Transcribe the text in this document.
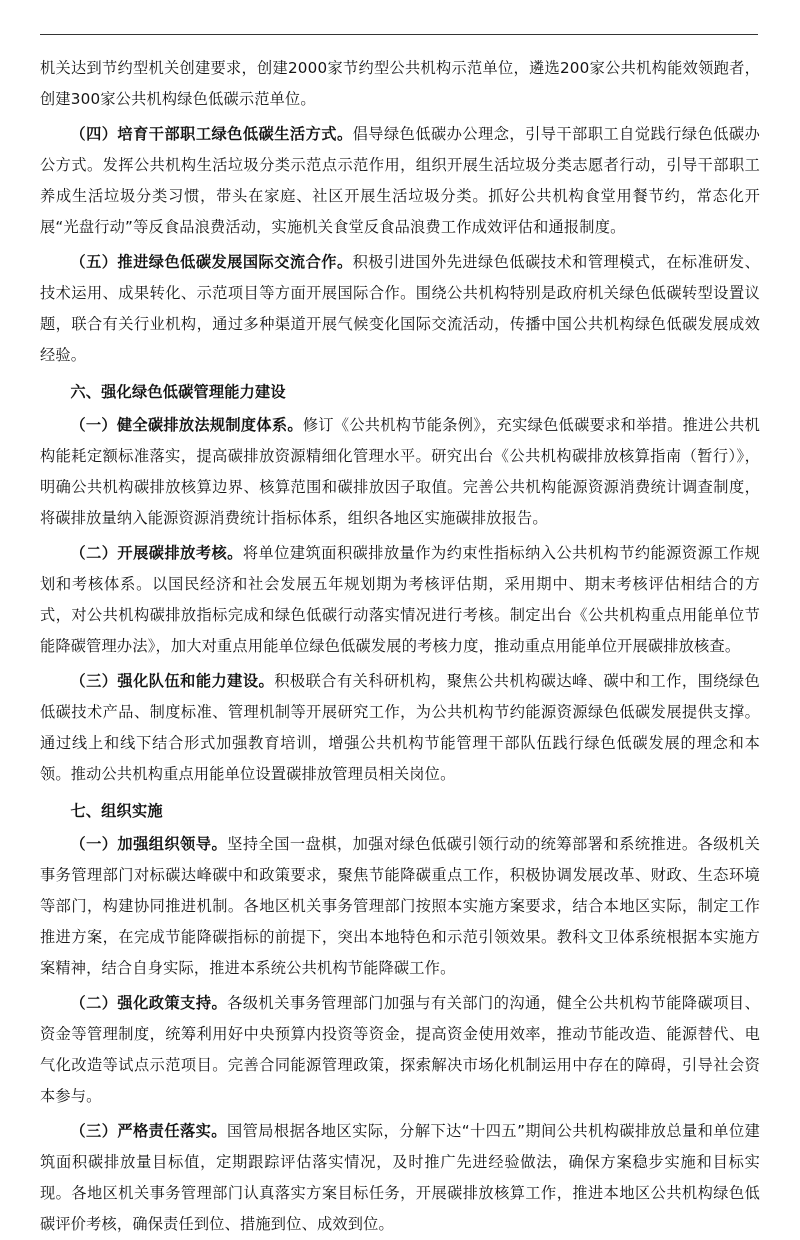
机关达到节约型机关创建要求，创建2000家节约型公共机构示范单位，遴选200家公共机构能效领跑者，创建300家公共机构绿色低碳示范单位。

（四）培育干部职工绿色低碳生活方式。倡导绿色低碳办公理念，引导干部职工自觉践行绿色低碳办公方式。发挥公共机构生活垃圾分类示范点示范作用，组织开展生活垃圾分类志愿者行动，引导干部职工养成生活垃圾分类习惯，带头在家庭、社区开展生活垃圾分类。抓好公共机构食堂用餐节约，常态化开展“光盘行动”等反食品浪费活动，实施机关食堂反食品浪费工作成效评估和通报制度。

（五）推进绿色低碳发展国际交流合作。积极引进国外先进绿色低碳技术和管理模式，在标准研发、技术运用、成果转化、示范项目等方面开展国际合作。围绕公共机构特别是政府机关绿色低碳转型设置议题，联合有关行业机构，通过多种渠道开展气候变化国际交流活动，传播中国公共机构绿色低碳发展成效经验。

六、强化绿色低碳管理能力建设

（一）健全碳排放法规制度体系。修订《公共机构节能条例》，充实绿色低碳要求和举措。推进公共机构能耗定额标准落实，提高碳排放资源精细化管理水平。研究出台《公共机构碳排放核算指南（暂行）》，明确公共机构碳排放核算边界、核算范围和碳排放因子取值。完善公共机构能源资源消费统计调查制度，将碳排放量纳入能源资源消费统计指标体系，组织各地区实施碳排放报告。

（二）开展碳排放考核。将单位建筑面积碳排放量作为约束性指标纳入公共机构节约能源资源工作规划和考核体系。以国民经济和社会发展五年规划期为考核评估期，采用期中、期末考核评估相结合的方式，对公共机构碳排放指标完成和绿色低碳行动落实情况进行考核。制定出台《公共机构重点用能单位节能降碳管理办法》，加大对重点用能单位绿色低碳发展的考核力度，推动重点用能单位开展碳排放核查。

（三）强化队伍和能力建设。积极联合有关科研机构，聚焦公共机构碳达峰、碳中和工作，围绕绿色低碳技术产品、制度标准、管理机制等开展研究工作，为公共机构节约能源资源绿色低碳发展提供支撑。通过线上和线下结合形式加强教育培训，增强公共机构节能管理干部队伍践行绿色低碳发展的理念和本领。推动公共机构重点用能单位设置碳排放管理员相关岗位。

七、组织实施

（一）加强组织领导。坚持全国一盘棋，加强对绿色低碳引领行动的统筹部署和系统推进。各级机关事务管理部门对标碳达峰碳中和政策要求，聚焦节能降碳重点工作，积极协调发展改革、财政、生态环境等部门，构建协同推进机制。各地区机关事务管理部门按照本实施方案要求，结合本地区实际，制定工作推进方案，在完成节能降碳指标的前提下，突出本地特色和示范引领效果。教科文卫体系统根据本实施方案精神，结合自身实际，推进本系统公共机构节能降碳工作。

（二）强化政策支持。各级机关事务管理部门加强与有关部门的沟通，健全公共机构节能降碳项目、资金等管理制度，统筹利用好中央预算内投资等资金，提高资金使用效率，推动节能改造、能源替代、电气化改造等试点示范项目。完善合同能源管理政策，探索解决市场化机制运用中存在的障碍，引导社会资本参与。

（三）严格责任落实。国管局根据各地区实际，分解下达“十四五”期间公共机构碳排放总量和单位建筑面积碳排放量目标值，定期跟踪评估落实情况，及时推广先进经验做法，确保方案稳步实施和目标实现。各地区机关事务管理部门认真落实方案目标任务，开展碳排放核算工作，推进本地区公共机构绿色低碳评价考核，确保责任到位、措施到位、成效到位。
